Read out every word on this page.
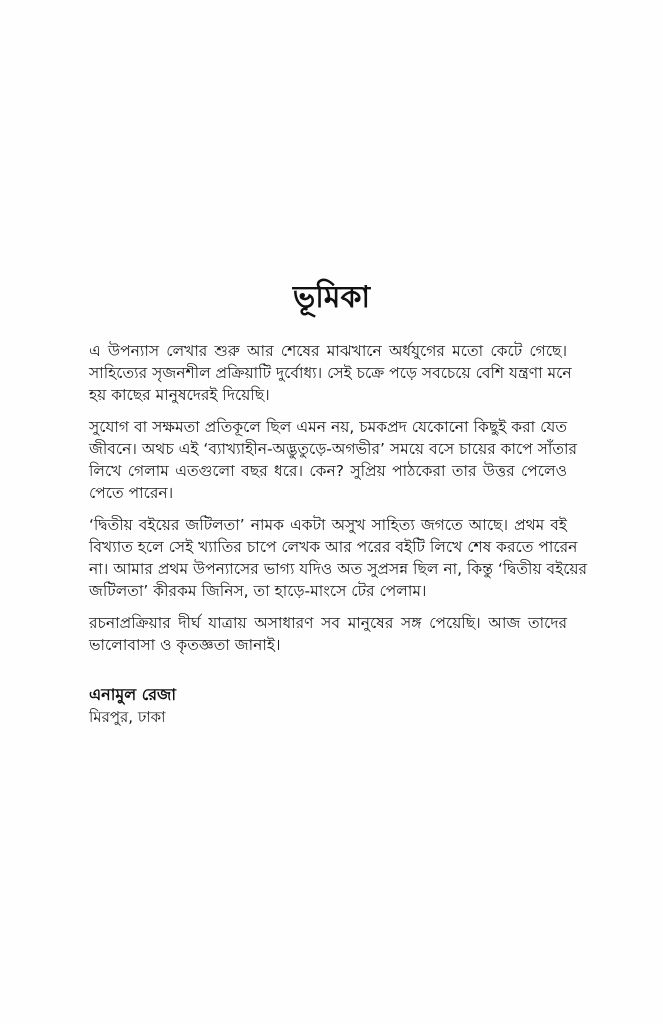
ভূমিকা
এ উপন্যাস লেখার শুরু আর শেষের মাঝখানে অর্ধযুগের মতো কেটে গেছে।
সাহিত্যের সৃজনশীল প্রক্রিয়াটি দুর্বোধ্য। সেই চক্রে পড়ে সবচেয়ে বেশি যন্ত্রণা মনে
হয় কাছের মানুষদেরই দিয়েছি।
সুযোগ বা সক্ষমতা প্রতিকূলে ছিল এমন নয়, চমকপ্রদ যেকোনো কিছুই করা যেত
জীবনে। অথচ এই ‘ব্যাখ্যাহীন-অদ্ভুতুড়ে-অগভীর’ সময়ে বসে চায়ের কাপে সাঁতার
লিখে গেলাম এতগুলো বছর ধরে। কেন? সুপ্রিয় পাঠকেরা তার উত্তর পেলেও
পেতে পারেন।
‘দ্বিতীয় বইয়ের জটিলতা’ নামক একটা অসুখ সাহিত্য জগতে আছে। প্রথম বই
বিখ্যাত হলে সেই খ্যাতির চাপে লেখক আর পরের বইটি লিখে শেষ করতে পারেন
না। আমার প্রথম উপন্যাসের ভাগ্য যদিও অত সুপ্রসন্ন ছিল না, কিন্তু ‘দ্বিতীয় বইয়ের
জটিলতা’ কীরকম জিনিস, তা হাড়ে-মাংসে টের পেলাম।
রচনাপ্রক্রিয়ার দীর্ঘ যাত্রায় অসাধারণ সব মানুষের সঙ্গ পেয়েছি। আজ তাদের
ভালোবাসা ও কৃতজ্ঞতা জানাই।
এনামুল রেজা
মিরপুর, ঢাকা
